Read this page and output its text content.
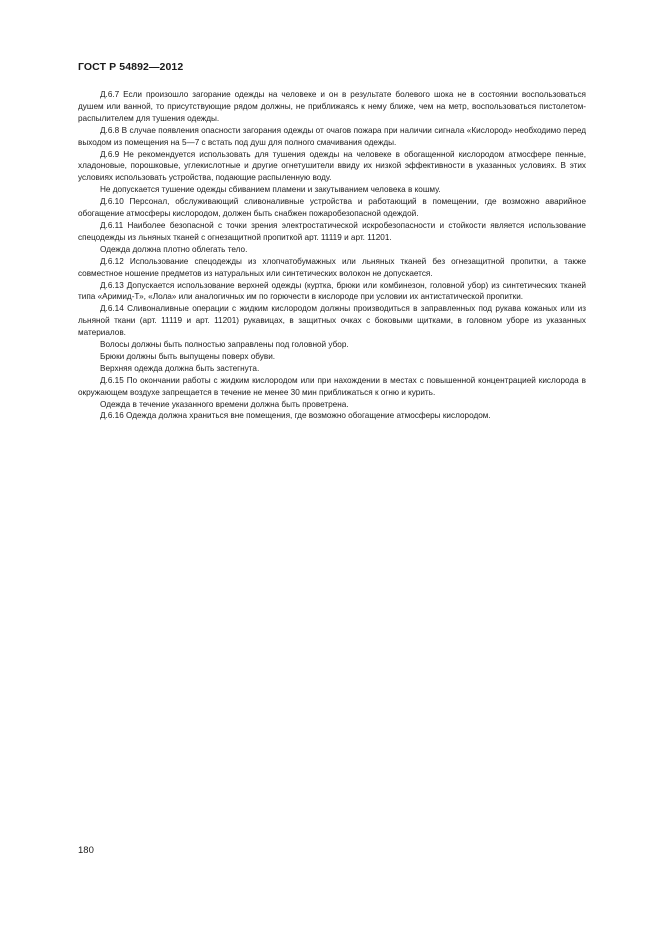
ГОСТ Р 54892—2012

Д.6.7 Если произошло загорание одежды на человеке и он в результате болевого шока не в состоянии воспользоваться душем или ванной, то присутствующие рядом должны, не приближаясь к нему ближе, чем на метр, воспользоваться пистолетом-распылителем для тушения одежды.

Д.6.8 В случае появления опасности загорания одежды от очагов пожара при наличии сигнала «Кислород» необходимо перед выходом из помещения на 5—7 с встать под душ для полного смачивания одежды.

Д.6.9 Не рекомендуется использовать для тушения одежды на человеке в обогащенной кислородом атмосфере пенные, хладоновые, порошковые, углекислотные и другие огнетушители ввиду их низкой эффективности в указанных условиях. В этих условиях использовать устройства, подающие распыленную воду.

Не допускается тушение одежды сбиванием пламени и закутыванием человека в кошму.

Д.6.10 Персонал, обслуживающий сливоналивные устройства и работающий в помещении, где возможно аварийное обогащение атмосферы кислородом, должен быть снабжен пожаробезопасной одеждой.

Д.6.11 Наиболее безопасной с точки зрения электростатической искробезопасности и стойкости является использование спецодежды из льняных тканей с огнезащитной пропиткой арт. 11119 и арт. 11201.

Одежда должна плотно облегать тело.

Д.6.12 Использование спецодежды из хлопчатобумажных или льняных тканей без огнезащитной пропитки, а также совместное ношение предметов из натуральных или синтетических волокон не допускается.

Д.6.13 Допускается использование верхней одежды (куртка, брюки или комбинезон, головной убор) из синтетических тканей типа «Аримид-Т», «Лола» или аналогичных им по горючести в кислороде при условии их антистатической пропитки.

Д.6.14 Сливоналивные операции с жидким кислородом должны производиться в заправленных под рукава кожаных или из льняной ткани (арт. 11119 и арт. 11201) рукавицах, в защитных очках с боковыми щитками, в головном уборе из указанных материалов.

Волосы должны быть полностью заправлены под головной убор.

Брюки должны быть выпущены поверх обуви.

Верхняя одежда должна быть застегнута.

Д.6.15 По окончании работы с жидким кислородом или при нахождении в местах с повышенной концентрацией кислорода в окружающем воздухе запрещается в течение не менее 30 мин приближаться к огню и курить.

Одежда в течение указанного времени должна быть проветрена.

Д.6.16 Одежда должна храниться вне помещения, где возможно обогащение атмосферы кислородом.

180
